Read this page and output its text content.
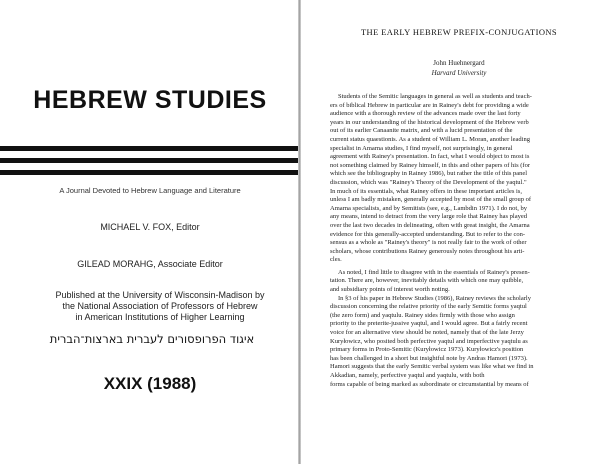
HEBREW STUDIES
A Journal Devoted to Hebrew Language and Literature
MICHAEL V. FOX, Editor
GILEAD MORAHG, Associate Editor
Published at the University of Wisconsin-Madison by
the National Association of Professors of Hebrew
in American Institutions of Higher Learning
איגוד הפרופסורים לעברית בארצות־הברית
XXIX (1988)
THE EARLY HEBREW PREFIX-CONJUGATIONS
John Huehnergard
Harvard University
Students of the Semitic languages in general as well as students and teach-
ers of biblical Hebrew in particular are in Rainey's debt for providing a wide
audience with a thorough review of the advances made over the last forty
years in our understanding of the historical development of the Hebrew verb
out of its earlier Canaanite matrix, and with a lucid presentation of the
current status quaestionis. As a student of William L. Moran, another leading
specialist in Amarna studies, I find myself, not surprisingly, in general
agreement with Rainey's presentation. In fact, what I would object to most is
not something claimed by Rainey himself, in this and other papers of his (for
which see the bibliography in Rainey 1986), but rather the title of this panel
discussion, which was "Rainey's Theory of the Development of the yaqtul."
In much of its essentials, what Rainey offers in these important articles is,
unless I am badly mistaken, generally accepted by most of the small group of
Amarna specialists, and by Semitists (see, e.g., Lambdin 1971). I do not, by
any means, intend to detract from the very large role that Rainey has played
over the last two decades in delineating, often with great insight, the Amarna
evidence for this generally-accepted understanding. But to refer to the con-
sensus as a whole as "Rainey's theory" is not really fair to the work of other
scholars, whose contributions Rainey generously notes throughout his arti-
cles.
As noted, I find little to disagree with in the essentials of Rainey's presen-
tation. There are, however, inevitably details with which one may quibble,
and subsidiary points of interest worth noting.
In §3 of his paper in Hebrew Studies (1986), Rainey reviews the scholarly
discussion concerning the relative priority of the early Semitic forms yaqtul
(the zero form) and yaqtulu. Rainey sides firmly with those who assign
priority to the preterite-jussive yaqtul, and I would agree. But a fairly recent
voice for an alternative view should be noted, namely that of the late Jerzy
Kuryłowicz, who posited both perfective yaqtul and imperfective yaqtulu as
primary forms in Proto-Semitic (Kuryłowicz 1973). Kuryłowicz's position
has been challenged in a short but insightful note by Andras Hamori (1973).
Hamori suggests that the early Semitic verbal system was like what we find in
Akkadian, namely, perfective yaqtul and yaqtulu, with both
forms capable of being marked as subordinate or circumstantial by means of
